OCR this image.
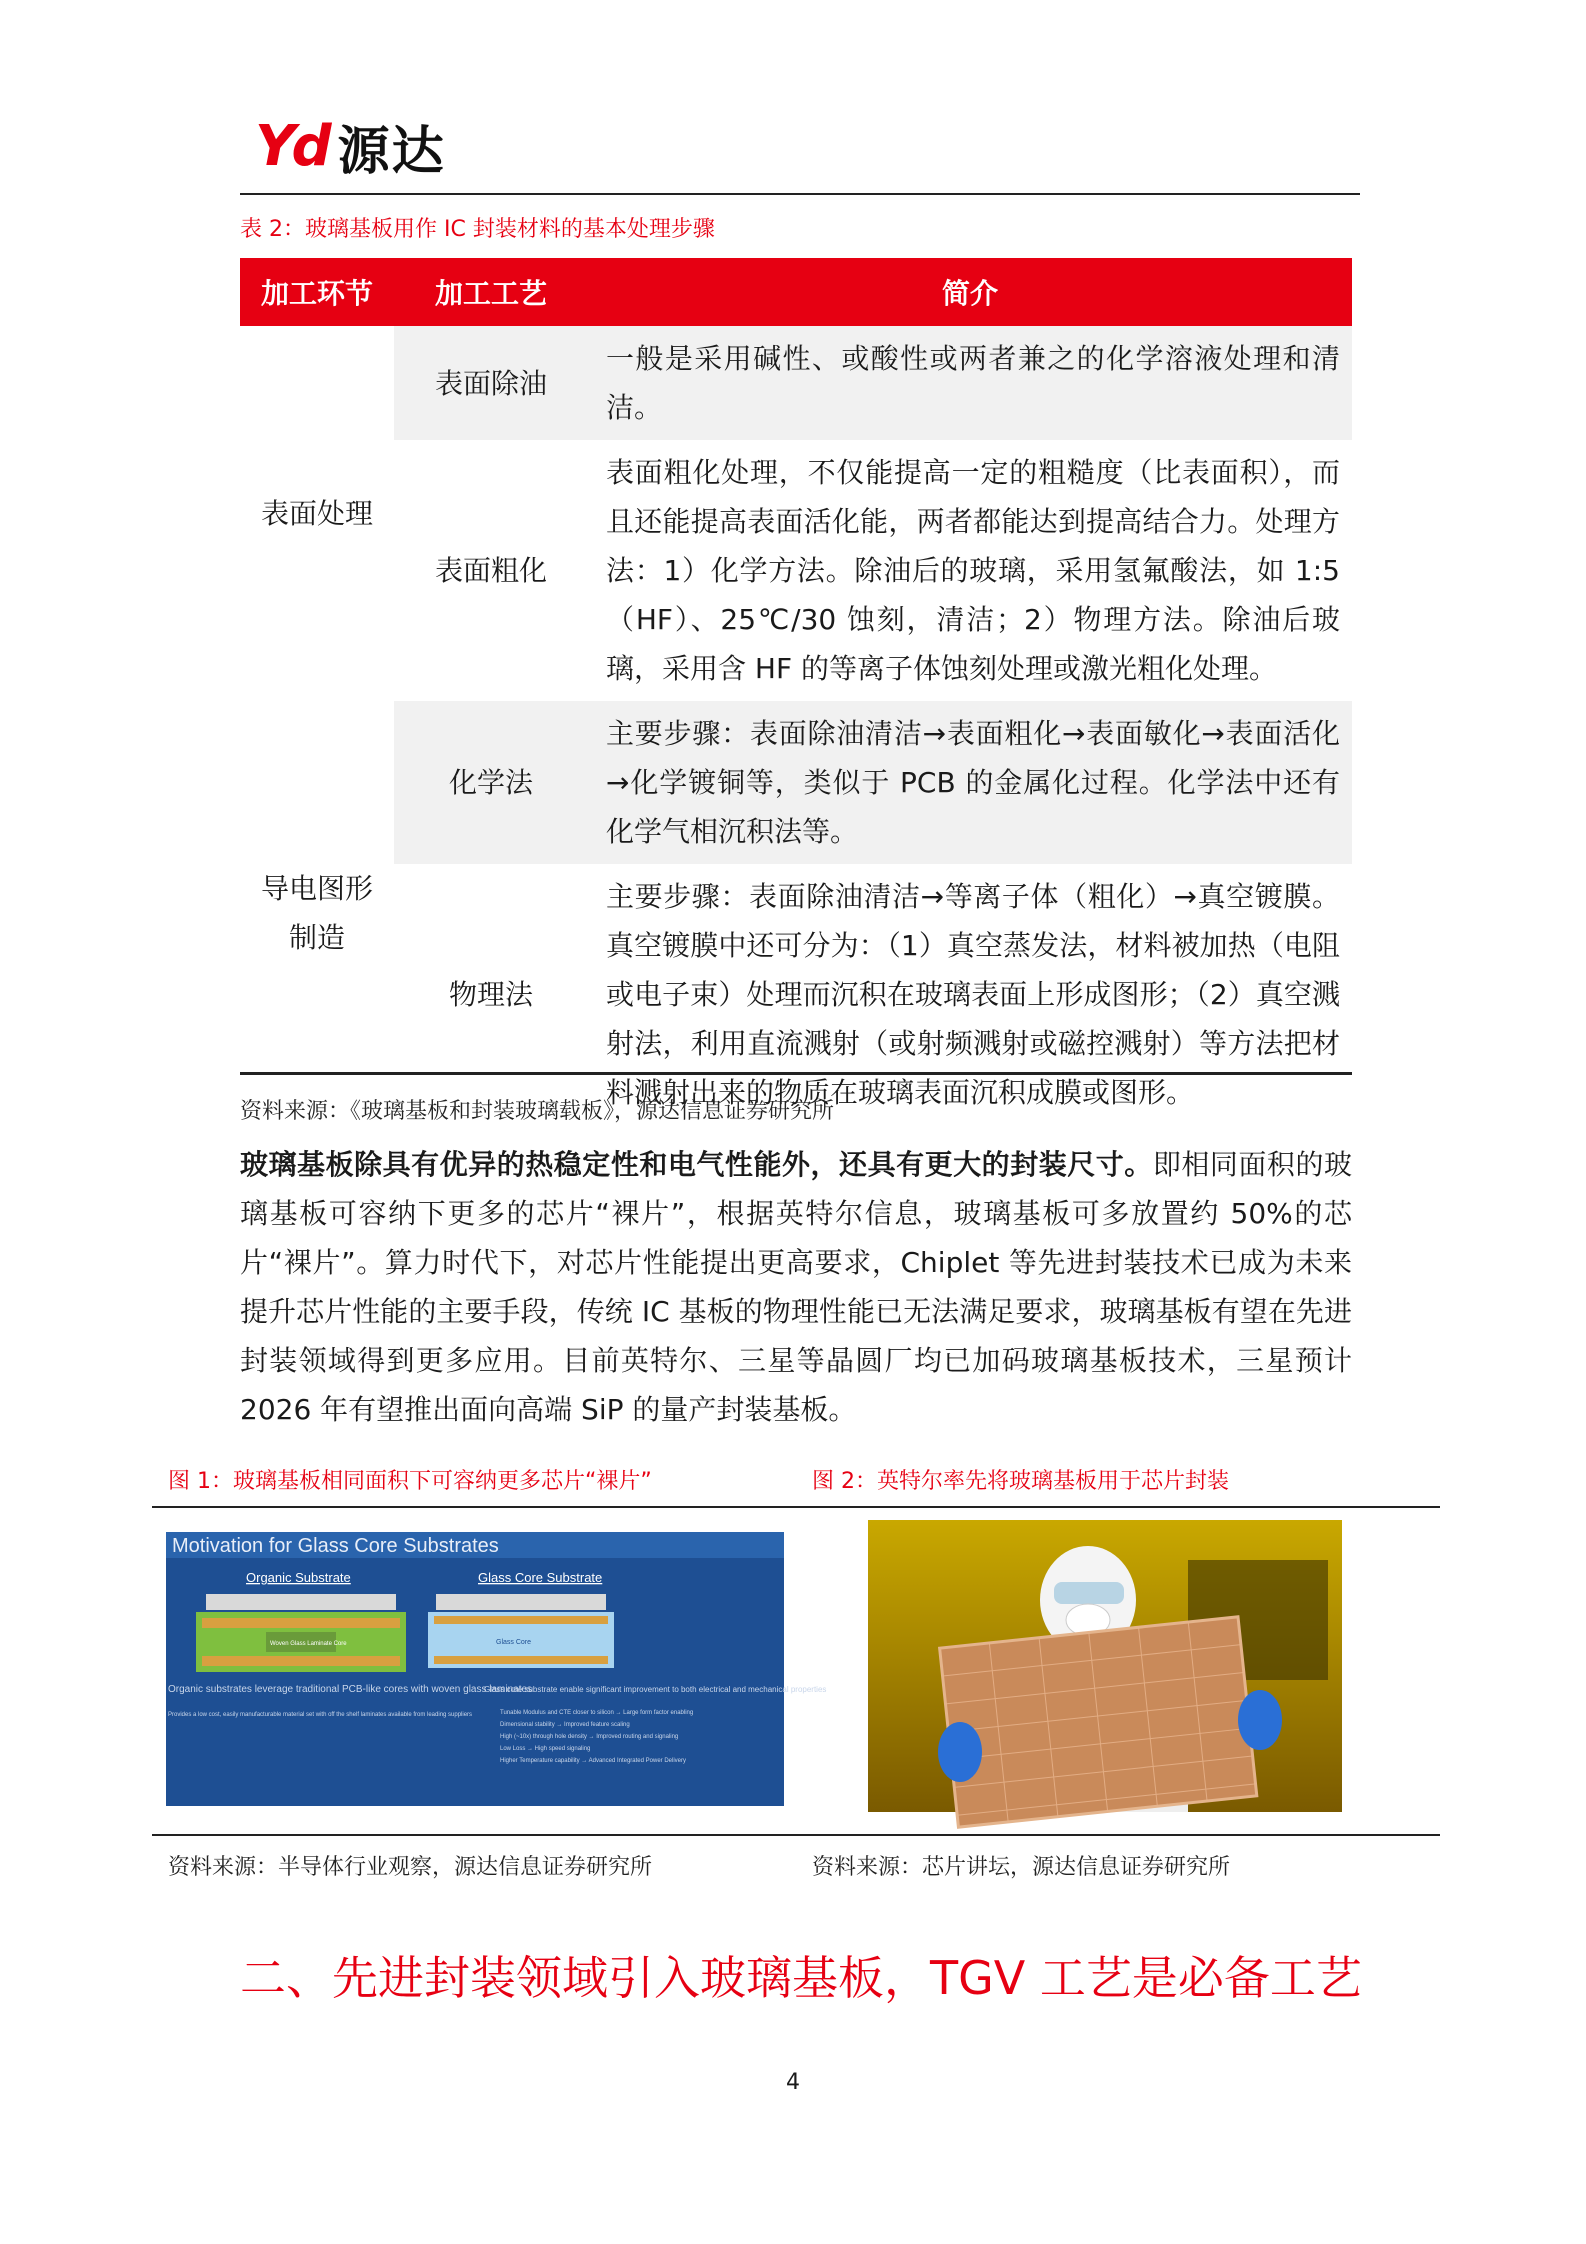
Yd 源达
表 2：玻璃基板用作 IC 封装材料的基本处理步骤
加工环节	加工工艺	简介
表面处理	表面除油	一般是采用碱性、或酸性或两者兼之的化学溶液处理和清洁。
	表面粗化	表面粗化处理，不仅能提高一定的粗糙度（比表面积），而且还能提高表面活化能，两者都能达到提高结合力。处理方法：1）化学方法。除油后的玻璃，采用氢氟酸法，如 1:5（HF）、25℃/30 蚀刻，清洁；2）物理方法。除油后玻璃，采用含 HF 的等离子体蚀刻处理或激光粗化处理。

导电图形制造	化学法	主要步骤：表面除油清洁→表面粗化→表面敏化→表面活化→化学镀铜等，类似于 PCB 的金属化过程。化学法中还有化学气相沉积法等。
	物理法	主要步骤：表面除油清洁→等离子体（粗化）→真空镀膜。真空镀膜中还可分为：（1）真空蒸发法，材料被加热（电阻或电子束）处理而沉积在玻璃表面上形成图形；（2）真空溅射法，利用直流溅射（或射频溅射或磁控溅射）等方法把材料溅射出来的物质在玻璃表面沉积成膜或图形。
资料来源：《玻璃基板和封装玻璃载板》，源达信息证券研究所
玻璃基板除具有优异的热稳定性和电气性能外，还具有更大的封装尺寸。即相同面积的玻璃基板可容纳下更多的芯片“裸片”，根据英特尔信息，玻璃基板可多放置约 50%的芯片“裸片”。算力时代下，对芯片性能提出更高要求，Chiplet 等先进封装技术已成为未来提升芯片性能的主要手段，传统 IC 基板的物理性能已无法满足要求，玻璃基板有望在先进封装领域得到更多应用。目前英特尔、三星等晶圆厂均已加码玻璃基板技术，三星预计 2026 年有望推出面向高端 SiP 的量产封装基板。
图 1：玻璃基板相同面积下可容纳更多芯片“裸片”	图 2：英特尔率先将玻璃基板用于芯片封装
Motivation for Glass Core Substrates
Organic Substrate
Woven Glass Laminate Core
Glass Core Substrate
Glass Core
Organic substrates leverage traditional PCB-like cores with woven glass laminates
Provides a low cost, easily manufacturable material set with off the shelf laminates available from leading suppliers
Glass core substrate enable significant improvement to both electrical and mechanical properties
Tunable Modulus and CTE closer to silicon → Large form factor enabling
Dimensional stability → Improved feature scaling
High (~10x) through hole density → Improved routing and signaling
Low Loss → High speed signaling
Higher Temperature capability → Advanced Integrated Power Delivery
资料来源：半导体行业观察，源达信息证券研究所	资料来源：芯片讲坛，源达信息证券研究所
二、先进封装领域引入玻璃基板，TGV 工艺是必备工艺
4
